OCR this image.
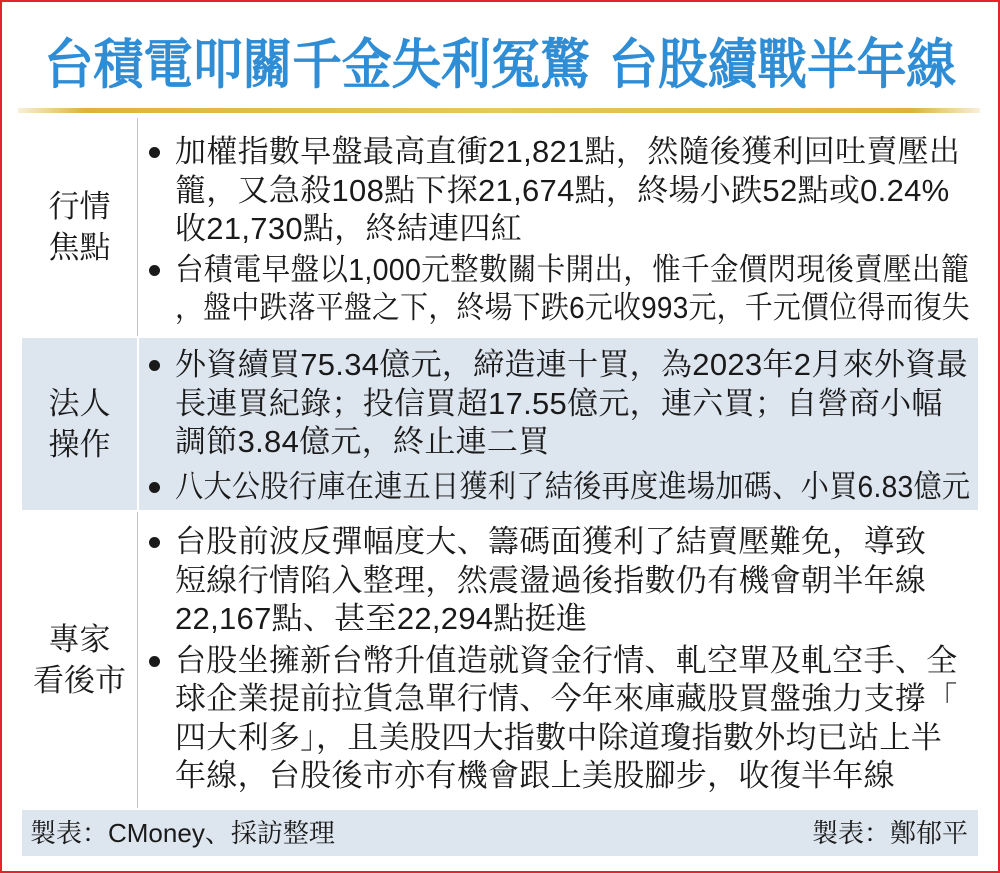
台積電叩關千金失利冤驚 台股續戰半年線
行情
焦點
加權指數早盤最高直衝21,821點，然隨後獲利回吐賣壓出
籠，又急殺108點下探21,674點，終場小跌52點或0.24%
收21,730點，終結連四紅
台積電早盤以1,000元整數關卡開出，惟千金價閃現後賣壓出籠
，盤中跌落平盤之下，終場下跌6元收993元，千元價位得而復失
法人
操作
外資續買75.34億元，締造連十買，為2023年2月來外資最
長連買紀錄；投信買超17.55億元，連六買；自營商小幅
調節3.84億元，終止連二買
八大公股行庫在連五日獲利了結後再度進場加碼、小買6.83億元
專家
看後市
台股前波反彈幅度大、籌碼面獲利了結賣壓難免，導致
短線行情陷入整理，然震盪過後指數仍有機會朝半年線
22,167點、甚至22,294點挺進
台股坐擁新台幣升值造就資金行情、軋空單及軋空手、全
球企業提前拉貨急單行情、今年來庫藏股買盤強力支撐「
四大利多」，且美股四大指數中除道瓊指數外均已站上半
年線，台股後市亦有機會跟上美股腳步，收復半年線
製表：CMoney、採訪整理	製表：鄭郁平
